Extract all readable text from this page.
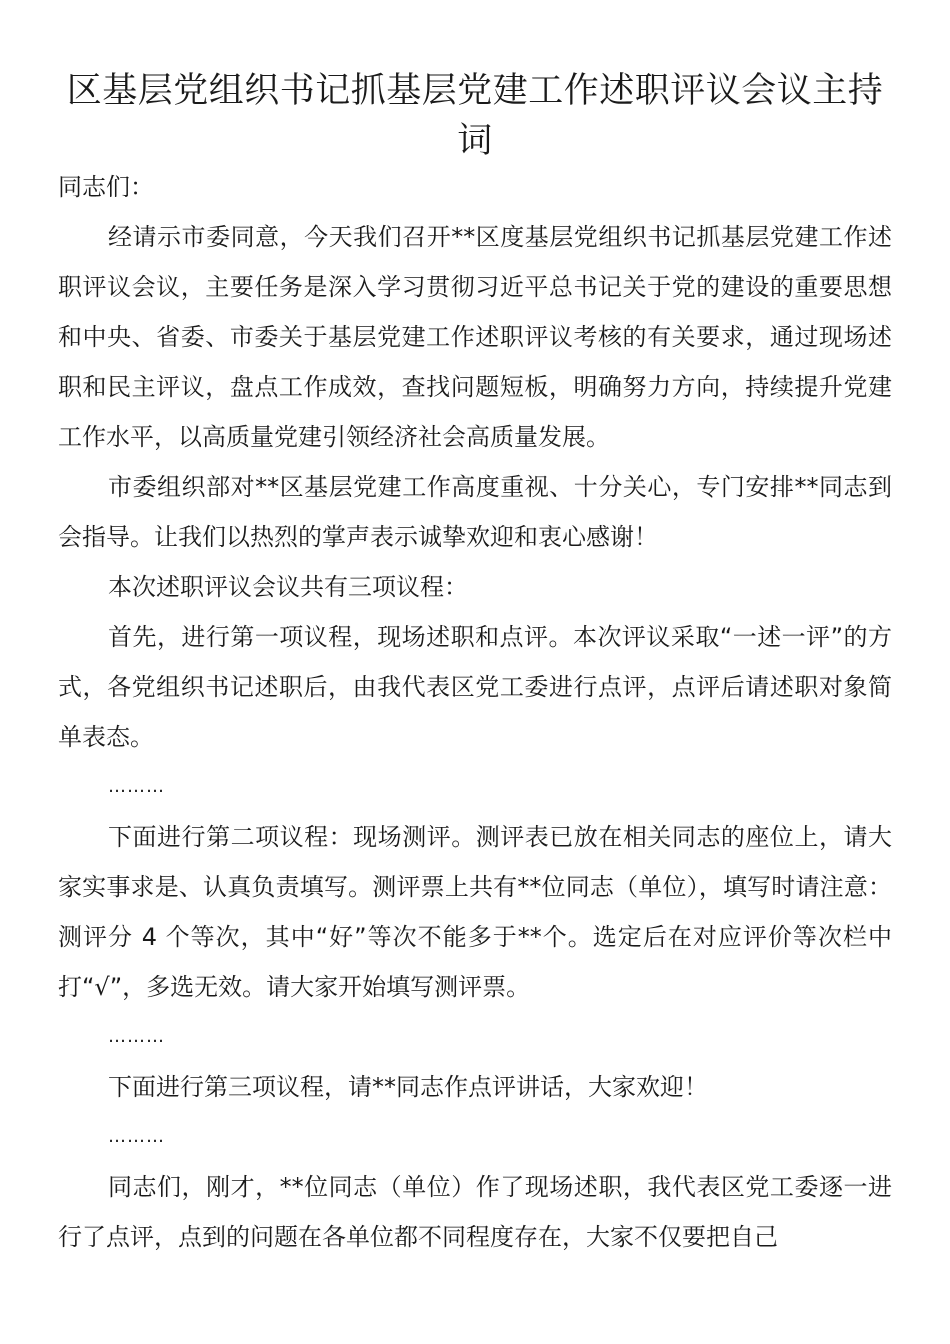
区基层党组织书记抓基层党建工作述职评议会议主持词

同志们：

经请示市委同意，今天我们召开**区度基层党组织书记抓基层党建工作述职评议会议，主要任务是深入学习贯彻习近平总书记关于党的建设的重要思想和中央、省委、市委关于基层党建工作述职评议考核的有关要求，通过现场述职和民主评议，盘点工作成效，查找问题短板，明确努力方向，持续提升党建工作水平，以高质量党建引领经济社会高质量发展。

市委组织部对**区基层党建工作高度重视、十分关心，专门安排**同志到会指导。让我们以热烈的掌声表示诚挚欢迎和衷心感谢！

本次述职评议会议共有三项议程：

首先，进行第一项议程，现场述职和点评。本次评议采取“一述一评”的方式，各党组织书记述职后，由我代表区党工委进行点评，点评后请述职对象简单表态。

………

下面进行第二项议程：现场测评。测评表已放在相关同志的座位上，请大家实事求是、认真负责填写。测评票上共有**位同志（单位），填写时请注意：测评分 4 个等次，其中“好”等次不能多于**个。选定后在对应评价等次栏中打“√”，多选无效。请大家开始填写测评票。

………

下面进行第三项议程，请**同志作点评讲话，大家欢迎！

………

同志们，刚才，**位同志（单位）作了现场述职，我代表区党工委逐一进行了点评，点到的问题在各单位都不同程度存在，大家不仅要把自己
